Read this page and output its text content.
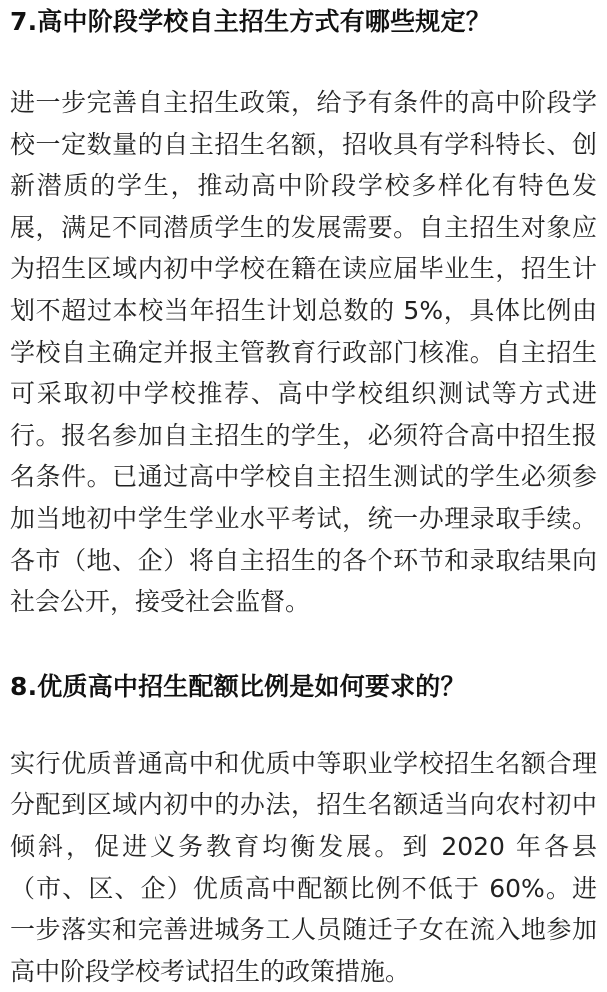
7.高中阶段学校自主招生方式有哪些规定？

进一步完善自主招生政策，给予有条件的高中阶段学校一定数量的自主招生名额，招收具有学科特长、创新潜质的学生，推动高中阶段学校多样化有特色发展，满足不同潜质学生的发展需要。自主招生对象应为招生区域内初中学校在籍在读应届毕业生，招生计划不超过本校当年招生计划总数的 5%，具体比例由学校自主确定并报主管教育行政部门核准。自主招生可采取初中学校推荐、高中学校组织测试等方式进行。报名参加自主招生的学生，必须符合高中招生报名条件。已通过高中学校自主招生测试的学生必须参加当地初中学生学业水平考试，统一办理录取手续。各市（地、企）将自主招生的各个环节和录取结果向社会公开，接受社会监督。

8.优质高中招生配额比例是如何要求的？

实行优质普通高中和优质中等职业学校招生名额合理分配到区域内初中的办法，招生名额适当向农村初中倾斜，促进义务教育均衡发展。到 2020 年各县（市、区、企）优质高中配额比例不低于 60%。进一步落实和完善进城务工人员随迁子女在流入地参加高中阶段学校考试招生的政策措施。
